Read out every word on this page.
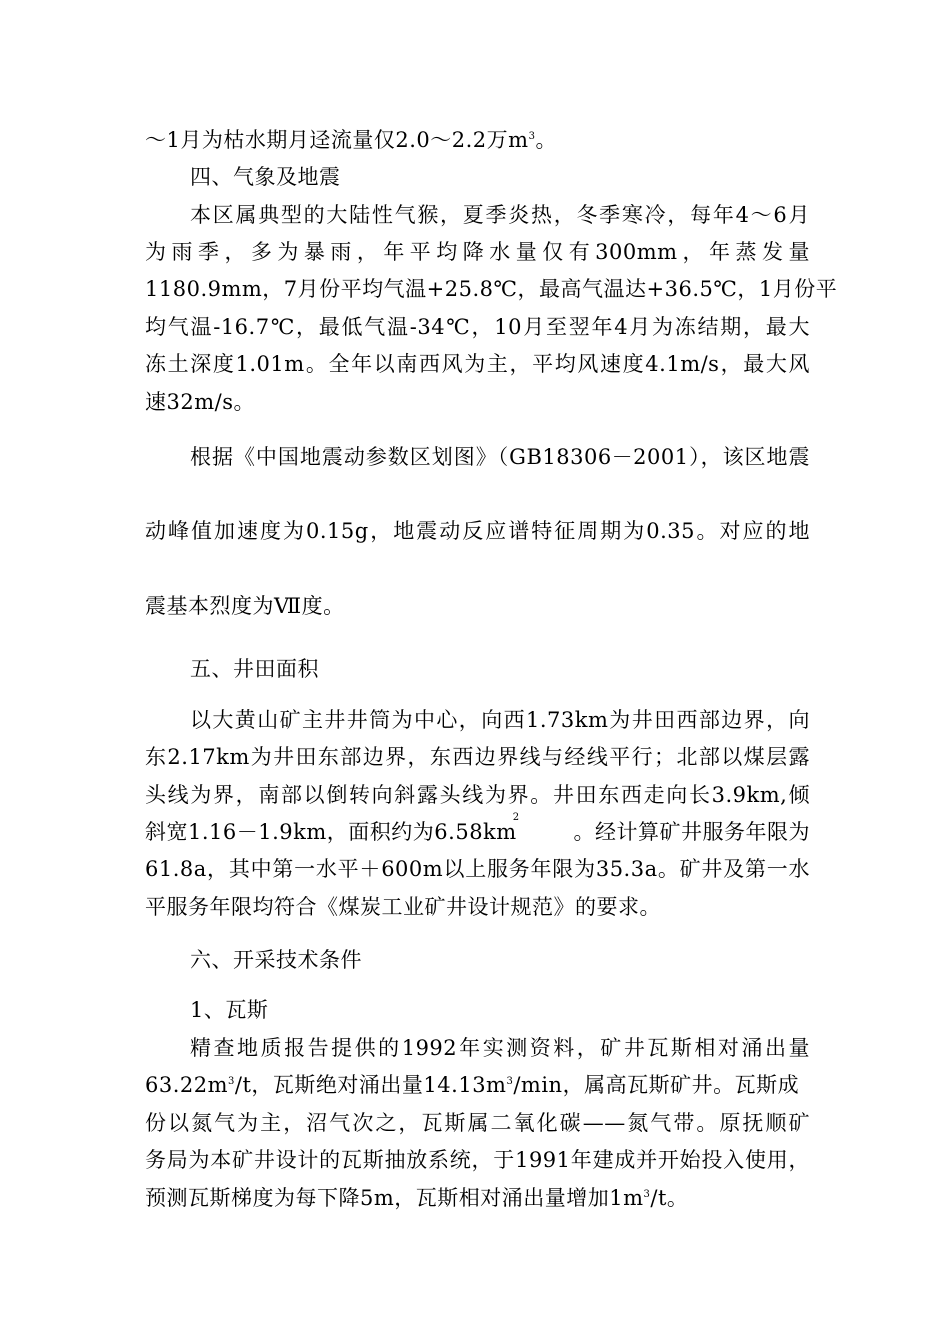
～1月为枯水期月迳流量仅2.0～2.2万$m^3$。
四、气象及地震
本区属典型的大陆性气猴，夏季炎热，冬季寒冷，每年4～6月
为雨季，多为暴雨，年平均降水量仅有300mm，年蒸发量
1180.9mm，7月份平均气温+25.8℃，最高气温达+36.5℃，1月份平
均气温-16.7℃，最低气温-34℃，10月至翌年4月为冻结期，最大
冻土深度1.01m。全年以南西风为主，平均风速度4.1m/s，最大风
速32m/s。
根据《中国地震动参数区划图》（GB18306－2001），该区地震
动峰值加速度为0.15g，地震动反应谱特征周期为0.35。对应的地
震基本烈度为Ⅶ度。
五、井田面积
以大黄山矿主井井筒为中心，向西1.73km为井田西部边界，向
东2.17km为井田东部边界，东西边界线与经线平行；北部以煤层露
头线为界，南部以倒转向斜露头线为界。井田东西走向长3.9km,倾
斜宽1.16－1.9km，面积约为6.58km
2
。经计算矿井服务年限为
61.8a，其中第一水平＋600m以上服务年限为35.3a。矿井及第一水
平服务年限均符合《煤炭工业矿井设计规范》的要求。
六、开采技术条件
1、瓦斯
精查地质报告提供的1992年实测资料，矿井瓦斯相对涌出量
$63.22m^3/t$，瓦斯绝对涌出量$14.13m^3/\min$，属高瓦斯矿井。瓦斯成
份以氮气为主，沼气次之，瓦斯属二氧化碳——氮气带。原抚顺矿
务局为本矿井设计的瓦斯抽放系统，于1991年建成并开始投入使用，
预测瓦斯梯度为每下降5m，瓦斯相对涌出量增加$1m^3/t$。
